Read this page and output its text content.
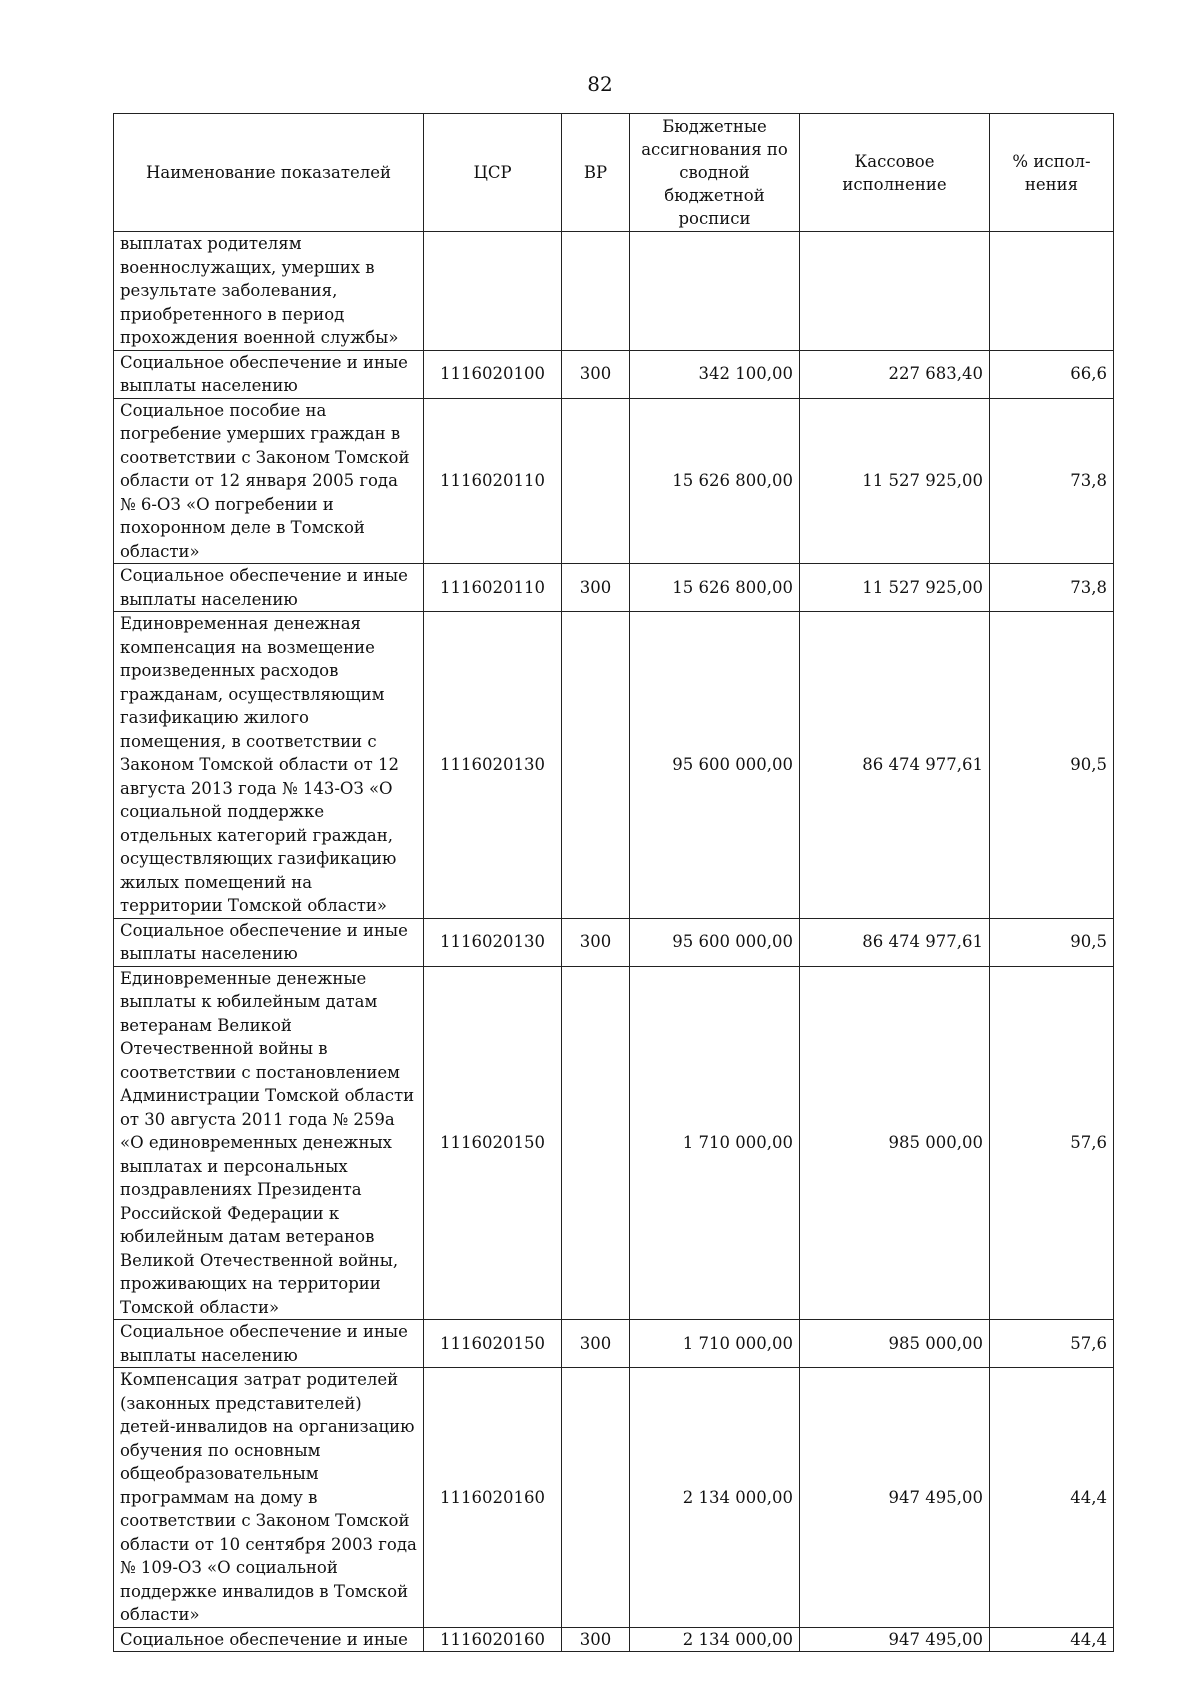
82
Наименование показателей	ЦСР	ВР	Бюджетные ассигнования по сводной бюджетной росписи	Кассовое исполнение	% испол-нения
выплатах родителям военнослужащих, умерших в результате заболевания, приобретенного в период прохождения военной службы»					
Социальное обеспечение и иные выплаты населению	1116020100	300	342 100,00	227 683,40	66,6
Социальное пособие на погребение умерших граждан в соответствии с Законом Томской области от 12 января 2005 года № 6-ОЗ «О погребении и похоронном деле в Томской области»	1116020110		15 626 800,00	11 527 925,00	73,8
Социальное обеспечение и иные выплаты населению	1116020110	300	15 626 800,00	11 527 925,00	73,8
Единовременная денежная компенсация на возмещение произведенных расходов гражданам, осуществляющим газификацию жилого помещения, в соответствии с Законом Томской области от 12 августа 2013 года № 143-ОЗ «О социальной поддержке отдельных категорий граждан, осуществляющих газификацию жилых помещений на территории Томской области»	1116020130		95 600 000,00	86 474 977,61	90,5
Социальное обеспечение и иные выплаты населению	1116020130	300	95 600 000,00	86 474 977,61	90,5
Единовременные денежные выплаты к юбилейным датам ветеранам Великой Отечественной войны в соответствии с постановлением Администрации Томской области от 30 августа 2011 года № 259а «О единовременных денежных выплатах и персональных поздравлениях Президента Российской Федерации к юбилейным датам ветеранов Великой Отечественной войны, проживающих на территории Томской области»	1116020150		1 710 000,00	985 000,00	57,6
Социальное обеспечение и иные выплаты населению	1116020150	300	1 710 000,00	985 000,00	57,6
Компенсация затрат родителей (законных представителей) детей-инвалидов на организацию обучения по основным общеобразовательным программам на дому в соответствии с Законом Томской области от 10 сентября 2003 года № 109-ОЗ «О социальной поддержке инвалидов в Томской области»	1116020160		2 134 000,00	947 495,00	44,4
Социальное обеспечение и иные	1116020160	300	2 134 000,00	947 495,00	44,4
